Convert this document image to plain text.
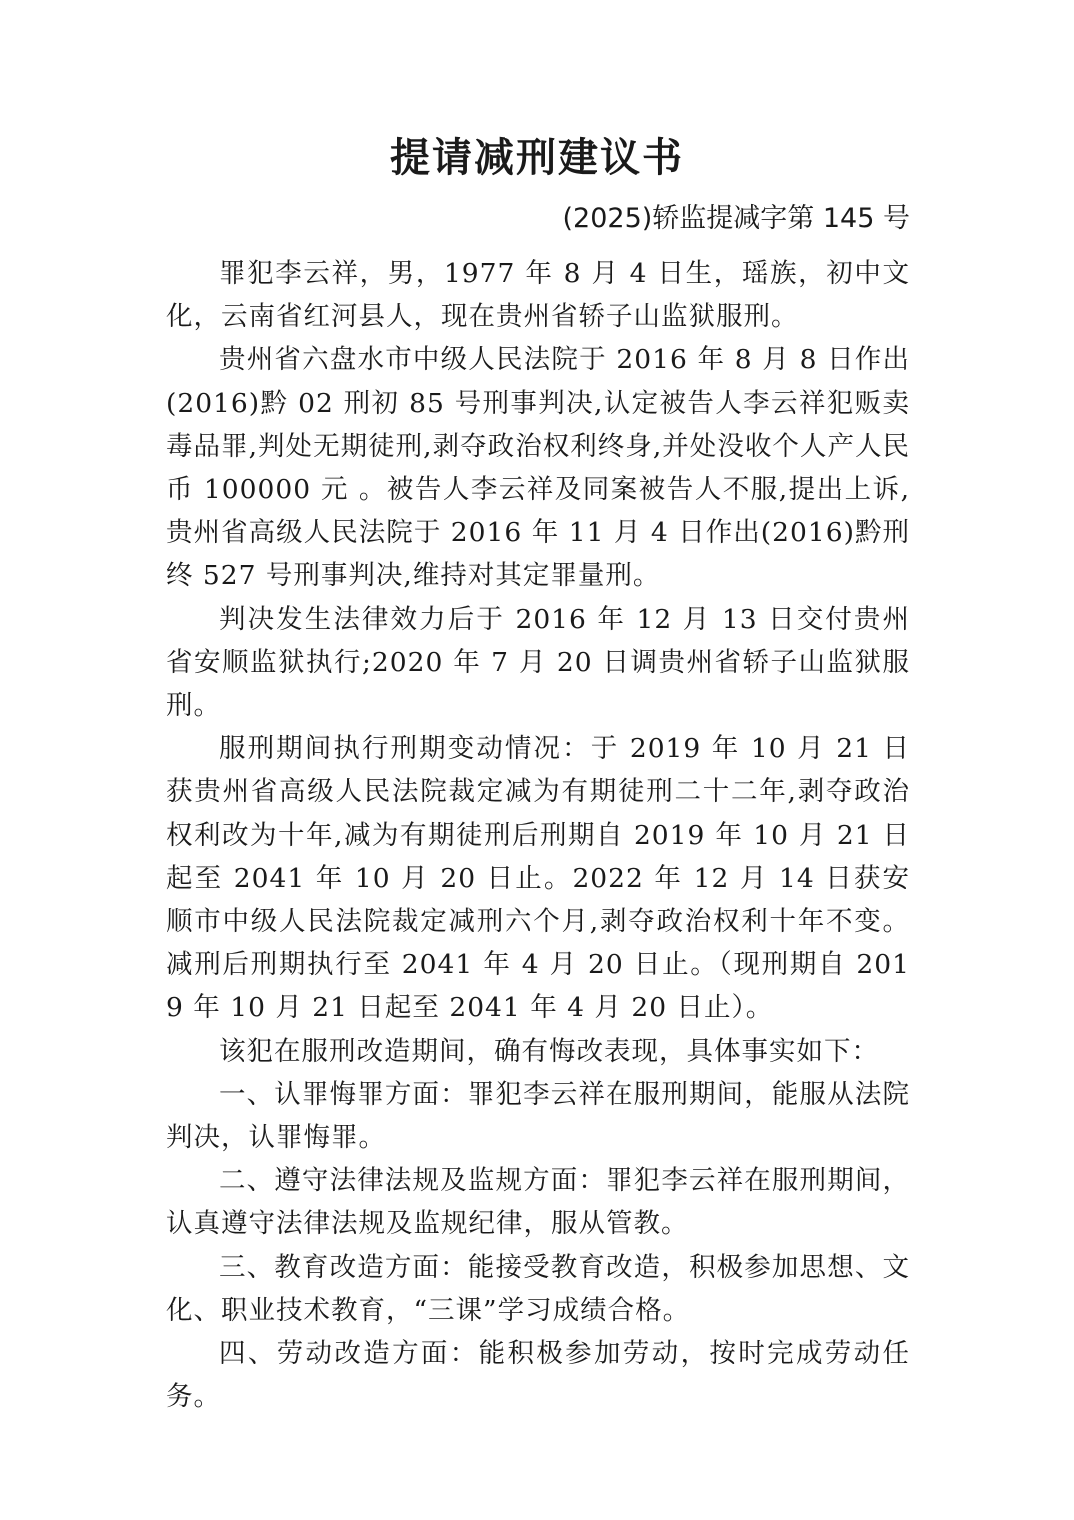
提请减刑建议书
(2025)轿监提减字第 145 号

罪犯李云祥，男，1977 年 8 月 4 日生，瑶族，初中文化，云南省红河县人，现在贵州省轿子山监狱服刑。

贵州省六盘水市中级人民法院于 2016 年 8 月 8 日作出(2016)黔 02 刑初 85 号刑事判决,认定被告人李云祥犯贩卖毒品罪,判处无期徒刑,剥夺政治权利终身,并处没收个人产人民币 100000 元 。被告人李云祥及同案被告人不服,提出上诉,贵州省高级人民法院于 2016 年 11 月 4 日作出(2016)黔刑终 527 号刑事判决,维持对其定罪量刑。

判决发生法律效力后于 2016 年 12 月 13 日交付贵州省安顺监狱执行;2020 年 7 月 20 日调贵州省轿子山监狱服刑。

服刑期间执行刑期变动情况：于 2019 年 10 月 21 日获贵州省高级人民法院裁定减为有期徒刑二十二年,剥夺政治权利改为十年,减为有期徒刑后刑期自 2019 年 10 月 21 日起至 2041 年 10 月 20 日止。2022 年 12 月 14 日获安顺市中级人民法院裁定减刑六个月,剥夺政治权利十年不变。减刑后刑期执行至 2041 年 4 月 20 日止。（现刑期自 2019 年 10 月 21 日起至 2041 年 4 月 20 日止）。

该犯在服刑改造期间，确有悔改表现，具体事实如下：

一、认罪悔罪方面：罪犯李云祥在服刑期间，能服从法院判决，认罪悔罪。

二、遵守法律法规及监规方面：罪犯李云祥在服刑期间，认真遵守法律法规及监规纪律，服从管教。

三、教育改造方面：能接受教育改造，积极参加思想、文化、职业技术教育，“三课”学习成绩合格。

四、劳动改造方面：能积极参加劳动，按时完成劳动任务。
